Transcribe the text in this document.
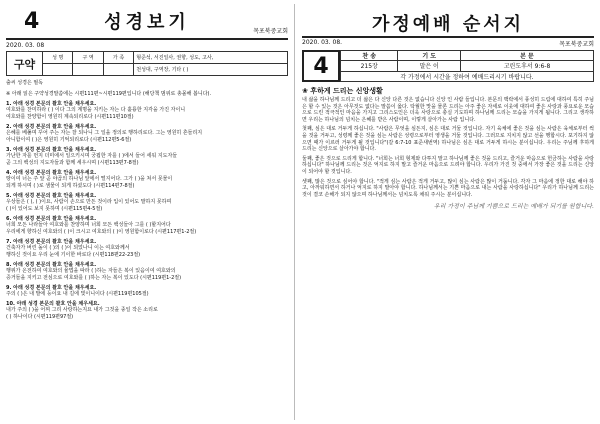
4	성경보기	목포북중교회
2020. 03. 08
구약	성 명	구 역	가 족	형준석, 서진일사, 권향, 성도, 고사,
				천성대, 구역장, 기타 ( )
출씨 성경은 필독
※ 아래 읽은 구약성경말씀에는 시편111편~시편119편입니다 (해당책 범위로 총몰해 봅니다).
1. 아래 성경 본문의 괄호 안을 채우세요.
여호와를 찬미하라 ( ) 이다 그의 계명을 지키는 자는 다 훌륭한 지각을 가진 자이니
여호와를 찬양함이 영원히 계속되리로다 (시편111편10절)
2. 아래 성경 본문의 괄호 안을 채우세요.
은혜를 베풀며 꾸어 주는 자는 잘 되나니 그 일을 정의로 행하리로다. 그는 영원히 흔들리지
아니함이여 ( )은 영원히 기억되리로다 (시편112편5-6절)
3. 아래 성경 본문의 괄호 안을 채우세요.
가난한 자를 먼지 더미에서 일으키시며 궁핍한 자를 ( )에서 들어 세워 지도자들
곧 그의 백성의 지도자들과 함께 세우시며 (시편113편7-8절)
4. 아래 성경 본문의 괄호 안을 채우세요.
땅이여 너는 주 앞 곧 야곱의 하나님 앞에서 떨지어다. 그가 ( )을 쳐서 못물이
되게 하시며 ( )로 샘물이 되게 하셨도다 (시편114편7-8절)
5. 아래 성경 본문의 괄호 안을 채우세요.
우상들은 ( ), ( )이요, 사람이 손으로 만든 것이라 입이 있어도 말하지 못하며
( )이 있어도 보지 못하며 (시편115편4-5절)
6. 아래 성경 본문의 괄호 안을 채우세요.
너희 모든 나라들아 여호와를 찬양하며 너희 모든 백성들아 그를 ( )할지어다
우리에게 향하신 여호와의 ( )이 크시고 여호와의 ( )이 영원함이로다 (시편117편1-2절)
7. 아래 성경 본문의 괄호 안을 채우세요.
건축자가 버린 돌이 ( )의 ( )이 되었나니 이는 여호와께서
행하신 것이요 우리 눈에 기이한 바로다 (시편118편22-23절)
8. 아래 성경 본문의 괄호 안을 채우세요.
행위가 온전하여 여호와의 율법을 따라 ( )하는 자들은 복이 있음이여 여호와의
증거들을 지키고 전심으로 여호와를 ( )하는 자는 복이 있도다 (시편119편1-2절)
9. 아래 성경 본문의 괄호 안을 채우세요.
주의 ( )은 내 발에 등이요 내 길에 빛이니이다 (시편119편105절)
10. 아래 성경 본문의 괄호 안을 채우세요.
내가 주의 ( )을 어찌 그리 사랑하는지요 내가 그것을 종일 작은 소리로
( ) 하나이다 (시편119편97절)
가정예배 순서지
2020. 03. 08.	목포북중교회
4	찬 송	기 도	본 문
215장	말은 이	고린도후서 9:6-8
각 가정에서 시간을 정하여 예배드리시기 바랍니다.		
❀ 후하게 드리는 신앙생활
내 삶을 하나님께 드리고 더 삶은 다 신앙 다른 것은 없습니다 신앙 인 사람 들입니다. 본문의 맥락에서 풍성히 드림에 대하여 특히 주님은 할 수 있는 것은 아무것도 없다는 말씀이 옳다. 탁월한 맛을 물론 드리는 아주 좋은 자세로 이웃에 대하여 좋은 사랑과 풍요로운 모습으로 드린 적극적인 마음을 가지고 그리스도인은 더욱 사랑으로 충실 기도하며 하나님께 드리는 모습을 가지게 됩니다. 그리고 생각하면 우리는 하나님의 넘치는 은혜를 받은 사람이며, 이렇게 살아가는 사람 입니다.
첫째, 심은 대로 거두게 하십니다. "사람은 무엇을 심든지, 심은 대로 거둘 것입니다. 자기 육체에 좋은 것을 심는 사람은 육체로부터 썩을 것을 거두고, 성령께 좋은 것을 심는 사람은 성령으로부터 영생을 거둘 것입니다. 그러므로 지치지 않고 선을 행합시다. 포기하지 않으면 때가 이르러 거두게 될 것입니다"(갈 6:7-10 표준새번역) 하나님은 심은 대로 거두게 하시는 분이십니다. 우리는 주님께 후하게 드리는 신앙으로 살아가야 합니다.
둘째, 좋은 것으로 드리게 합니다. "너희는 너희 형제와 다투지 말고 하나님께 좋은 것을 드리고, 즐거운 마음으로 헌금하는 사람을 사랑하십니다" 하나님께 드리는 것은 억지로 하지 말고 즐거운 마음으로 드려야 합니다. 우리가 가진 것 중에서 가장 좋은 것을 드리는 신앙이 되어야 할 것입니다.
셋째, 많은 것으로 심어야 합니다. "적게 심는 사람은 적게 거두고, 많이 심는 사람은 많이 거둡니다. 각자 그 마음에 정한 대로 해야 하고, 아까워하면서 하거나 억지로 하지 말아야 합니다. 하나님께서는 기쁜 마음으로 내는 사람을 사랑하십니다" 우리가 하나님께 드리는 것이 결코 손해가 되지 않으며 하나님께서는 넘치도록 채워 주시는 분이십니다.
우리 가정이 주님께 기쁨으로 드리는 예배가 되기를 원합니다.
